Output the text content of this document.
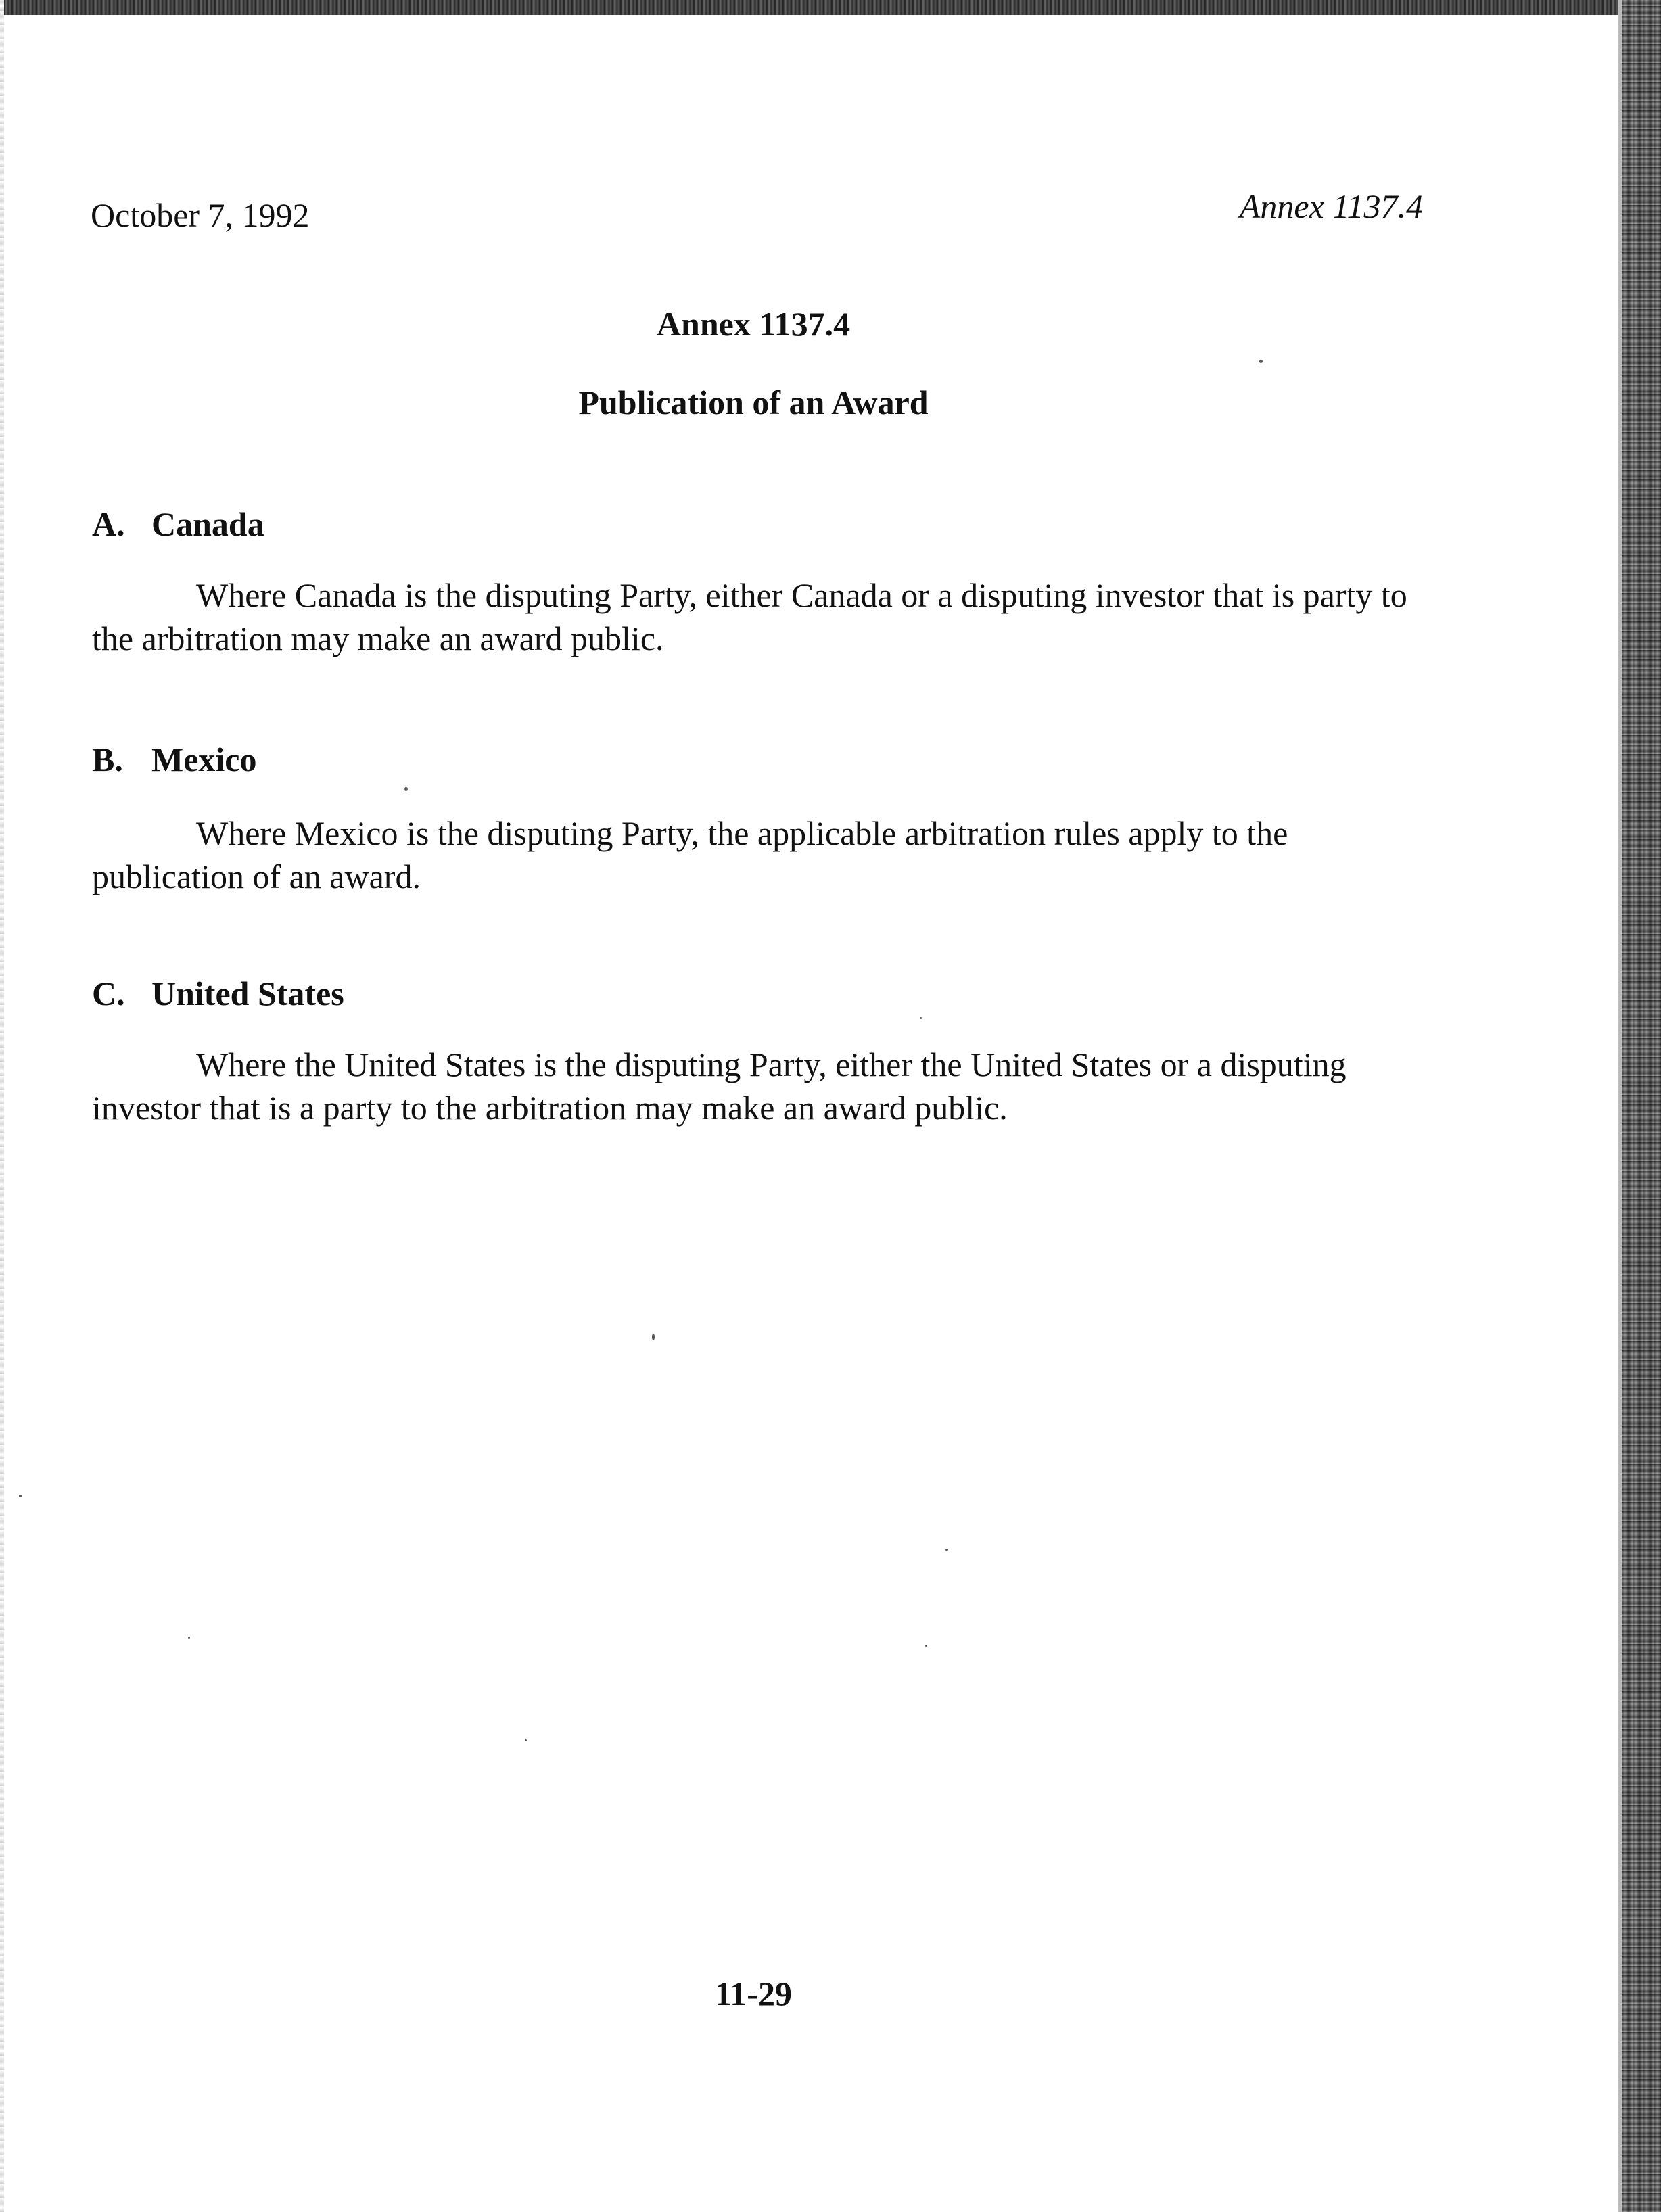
October 7, 1992	Annex 1137.4
Annex 1137.4
Publication of an Award
A. Canada

Where Canada is the disputing Party, either Canada or a disputing investor that is party to the arbitration may make an award public.

B. Mexico

Where Mexico is the disputing Party, the applicable arbitration rules apply to the publication of an award.

C. United States

Where the United States is the disputing Party, either the United States or a disputing investor that is a party to the arbitration may make an award public.

11-29
